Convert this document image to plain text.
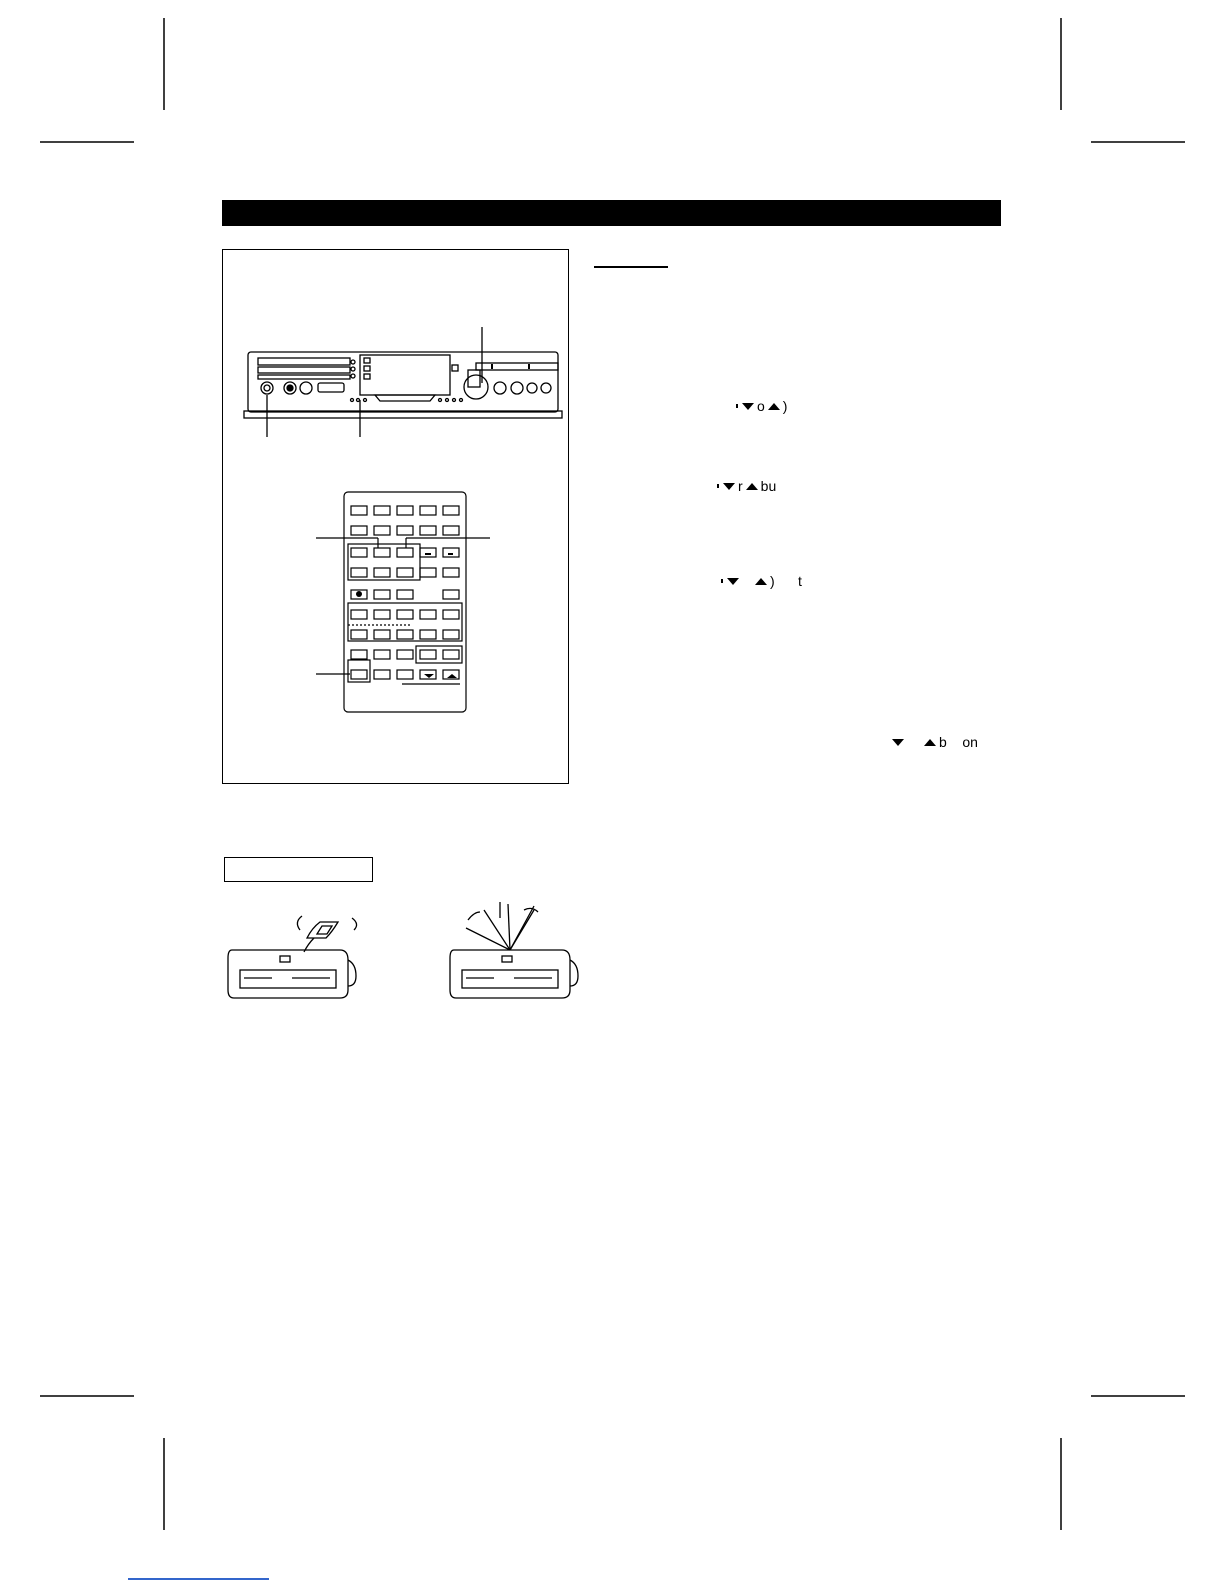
o )
r bu
)      t
b    on
